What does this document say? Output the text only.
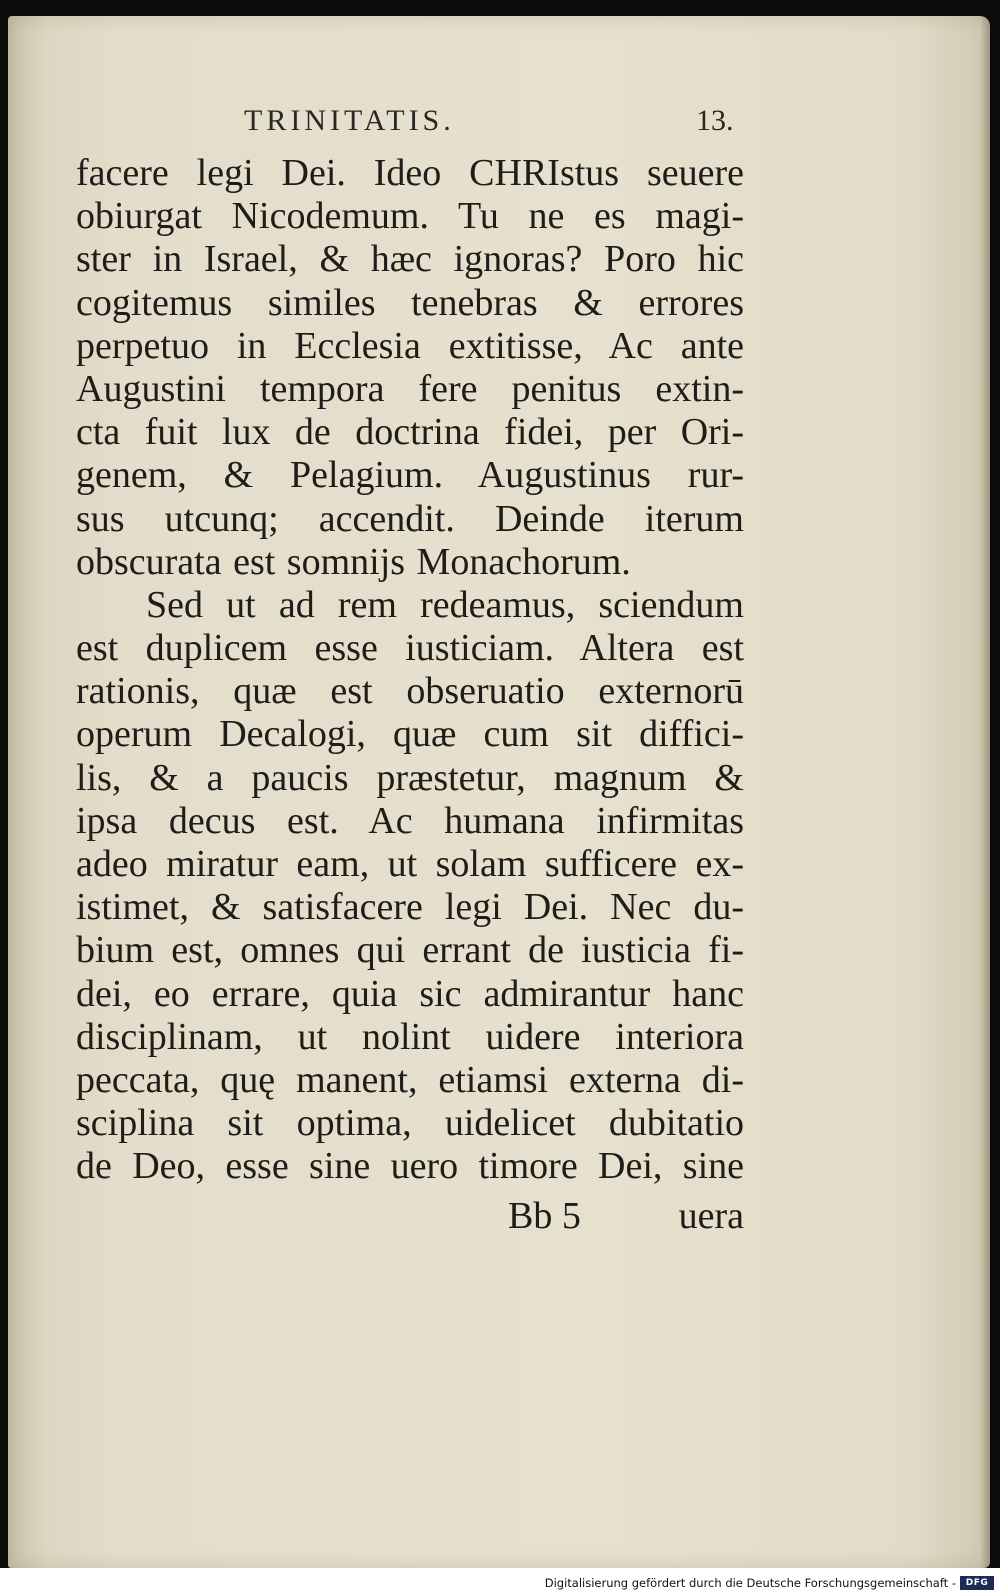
TRINITATIS.	13.
facere legi Dei. Ideo CHRIstus seuere
obiurgat Nicodemum. Tu ne es magi-
ster in Israel, & hæc ignoras? Poro hic
cogitemus similes tenebras & errores
perpetuo in Ecclesia extitisse, Ac ante
Augustini tempora fere penitus extin-
cta fuit lux de doctrina fidei, per Ori-
genem, & Pelagium. Augustinus rur-
sus utcunq; accendit. Deinde iterum
obscurata est somnijs Monachorum.
Sed ut ad rem redeamus, sciendum
est duplicem esse iusticiam. Altera est
rationis, quæ est obseruatio externorū
operum Decalogi, quæ cum sit diffici-
lis, & a paucis præstetur, magnum &
ipsa decus est. Ac humana infirmitas
adeo miratur eam, ut solam sufficere ex-
istimet, & satisfacere legi Dei. Nec du-
bium est, omnes qui errant de iusticia fi-
dei, eo errare, quia sic admirantur hanc
disciplinam, ut nolint uidere interiora
peccata, quę manent, etiamsi externa di-
sciplina sit optima, uidelicet dubitatio
de Deo, esse sine uero timore Dei, sine
Bb 5	uera
Digitalisierung gefördert durch die Deutsche Forschungsgemeinschaft -	DFG
